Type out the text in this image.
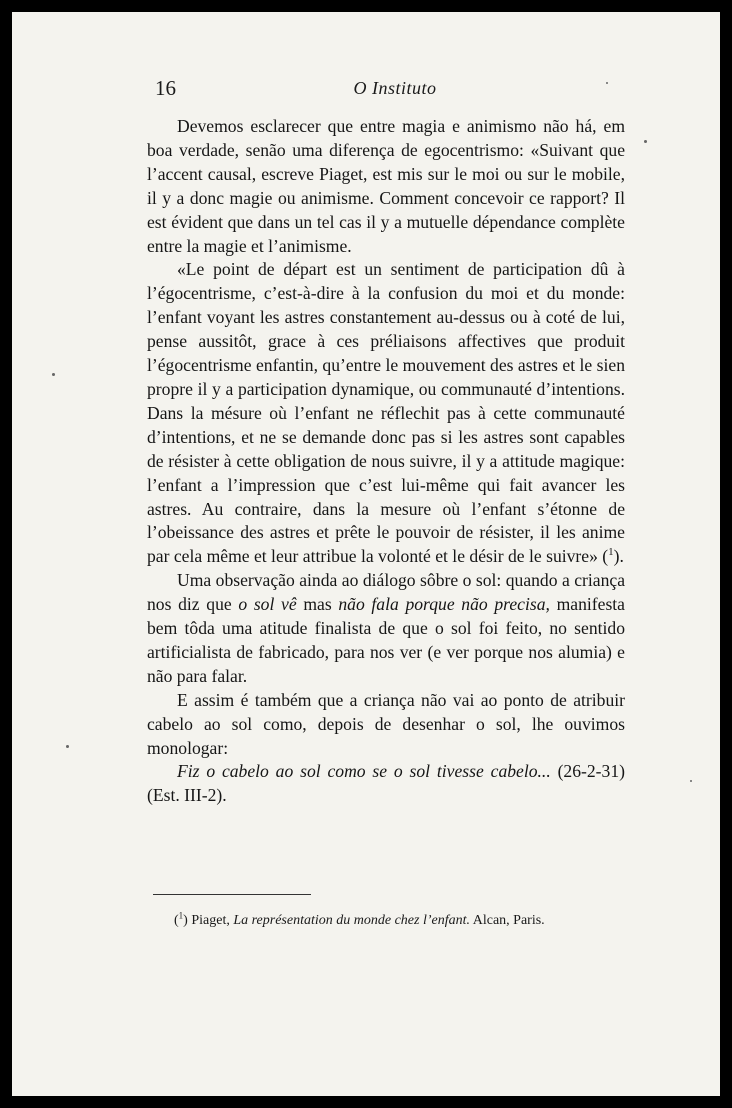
16	O Instituto

Devemos esclarecer que entre magia e animismo não há, em boa verdade, senão uma diferença de egocentrismo: «Suivant que l’accent causal, escreve Piaget, est mis sur le moi ou sur le mobile, il y a donc magie ou animisme. Comment concevoir ce rapport? Il est évident que dans un tel cas il y a mutuelle dépendance complète entre la magie et l’animisme.

«Le point de départ est un sentiment de participation dû à l’égocentrisme, c’est-à-dire à la confusion du moi et du monde: l’enfant voyant les astres constantement au-dessus ou à coté de lui, pense aussitôt, grace à ces préliaisons affectives que produit l’égocentrisme enfantin, qu’entre le mouvement des astres et le sien propre il y a participation dynamique, ou communauté d’intentions. Dans la mésure où l’enfant ne réflechit pas à cette communauté d’intentions, et ne se demande donc pas si les astres sont capables de résister à cette obligation de nous suivre, il y a attitude magique: l’enfant a l’impression que c’est lui-même qui fait avancer les astres. Au contraire, dans la mesure où l’enfant s’étonne de l’obeissance des astres et prête le pouvoir de résister, il les anime par cela même et leur attribue la volonté et le désir de le suivre» ($^1$).

Uma observação ainda ao diálogo sôbre o sol: quando a criança nos diz que o sol vê mas não fala porque não precisa, manifesta bem tôda uma atitude finalista de que o sol foi feito, no sentido artificialista de fabricado, para nos ver (e ver porque nos alumia) e não para falar.

E assim é também que a criança não vai ao ponto de atribuir cabelo ao sol como, depois de desenhar o sol, lhe ouvimos monologar:

Fiz o cabelo ao sol como se o sol tivesse cabelo... (26-2-31) (Est. III-2).

($^1$) Piaget, La représentation du monde chez l’enfant. Alcan, Paris.
